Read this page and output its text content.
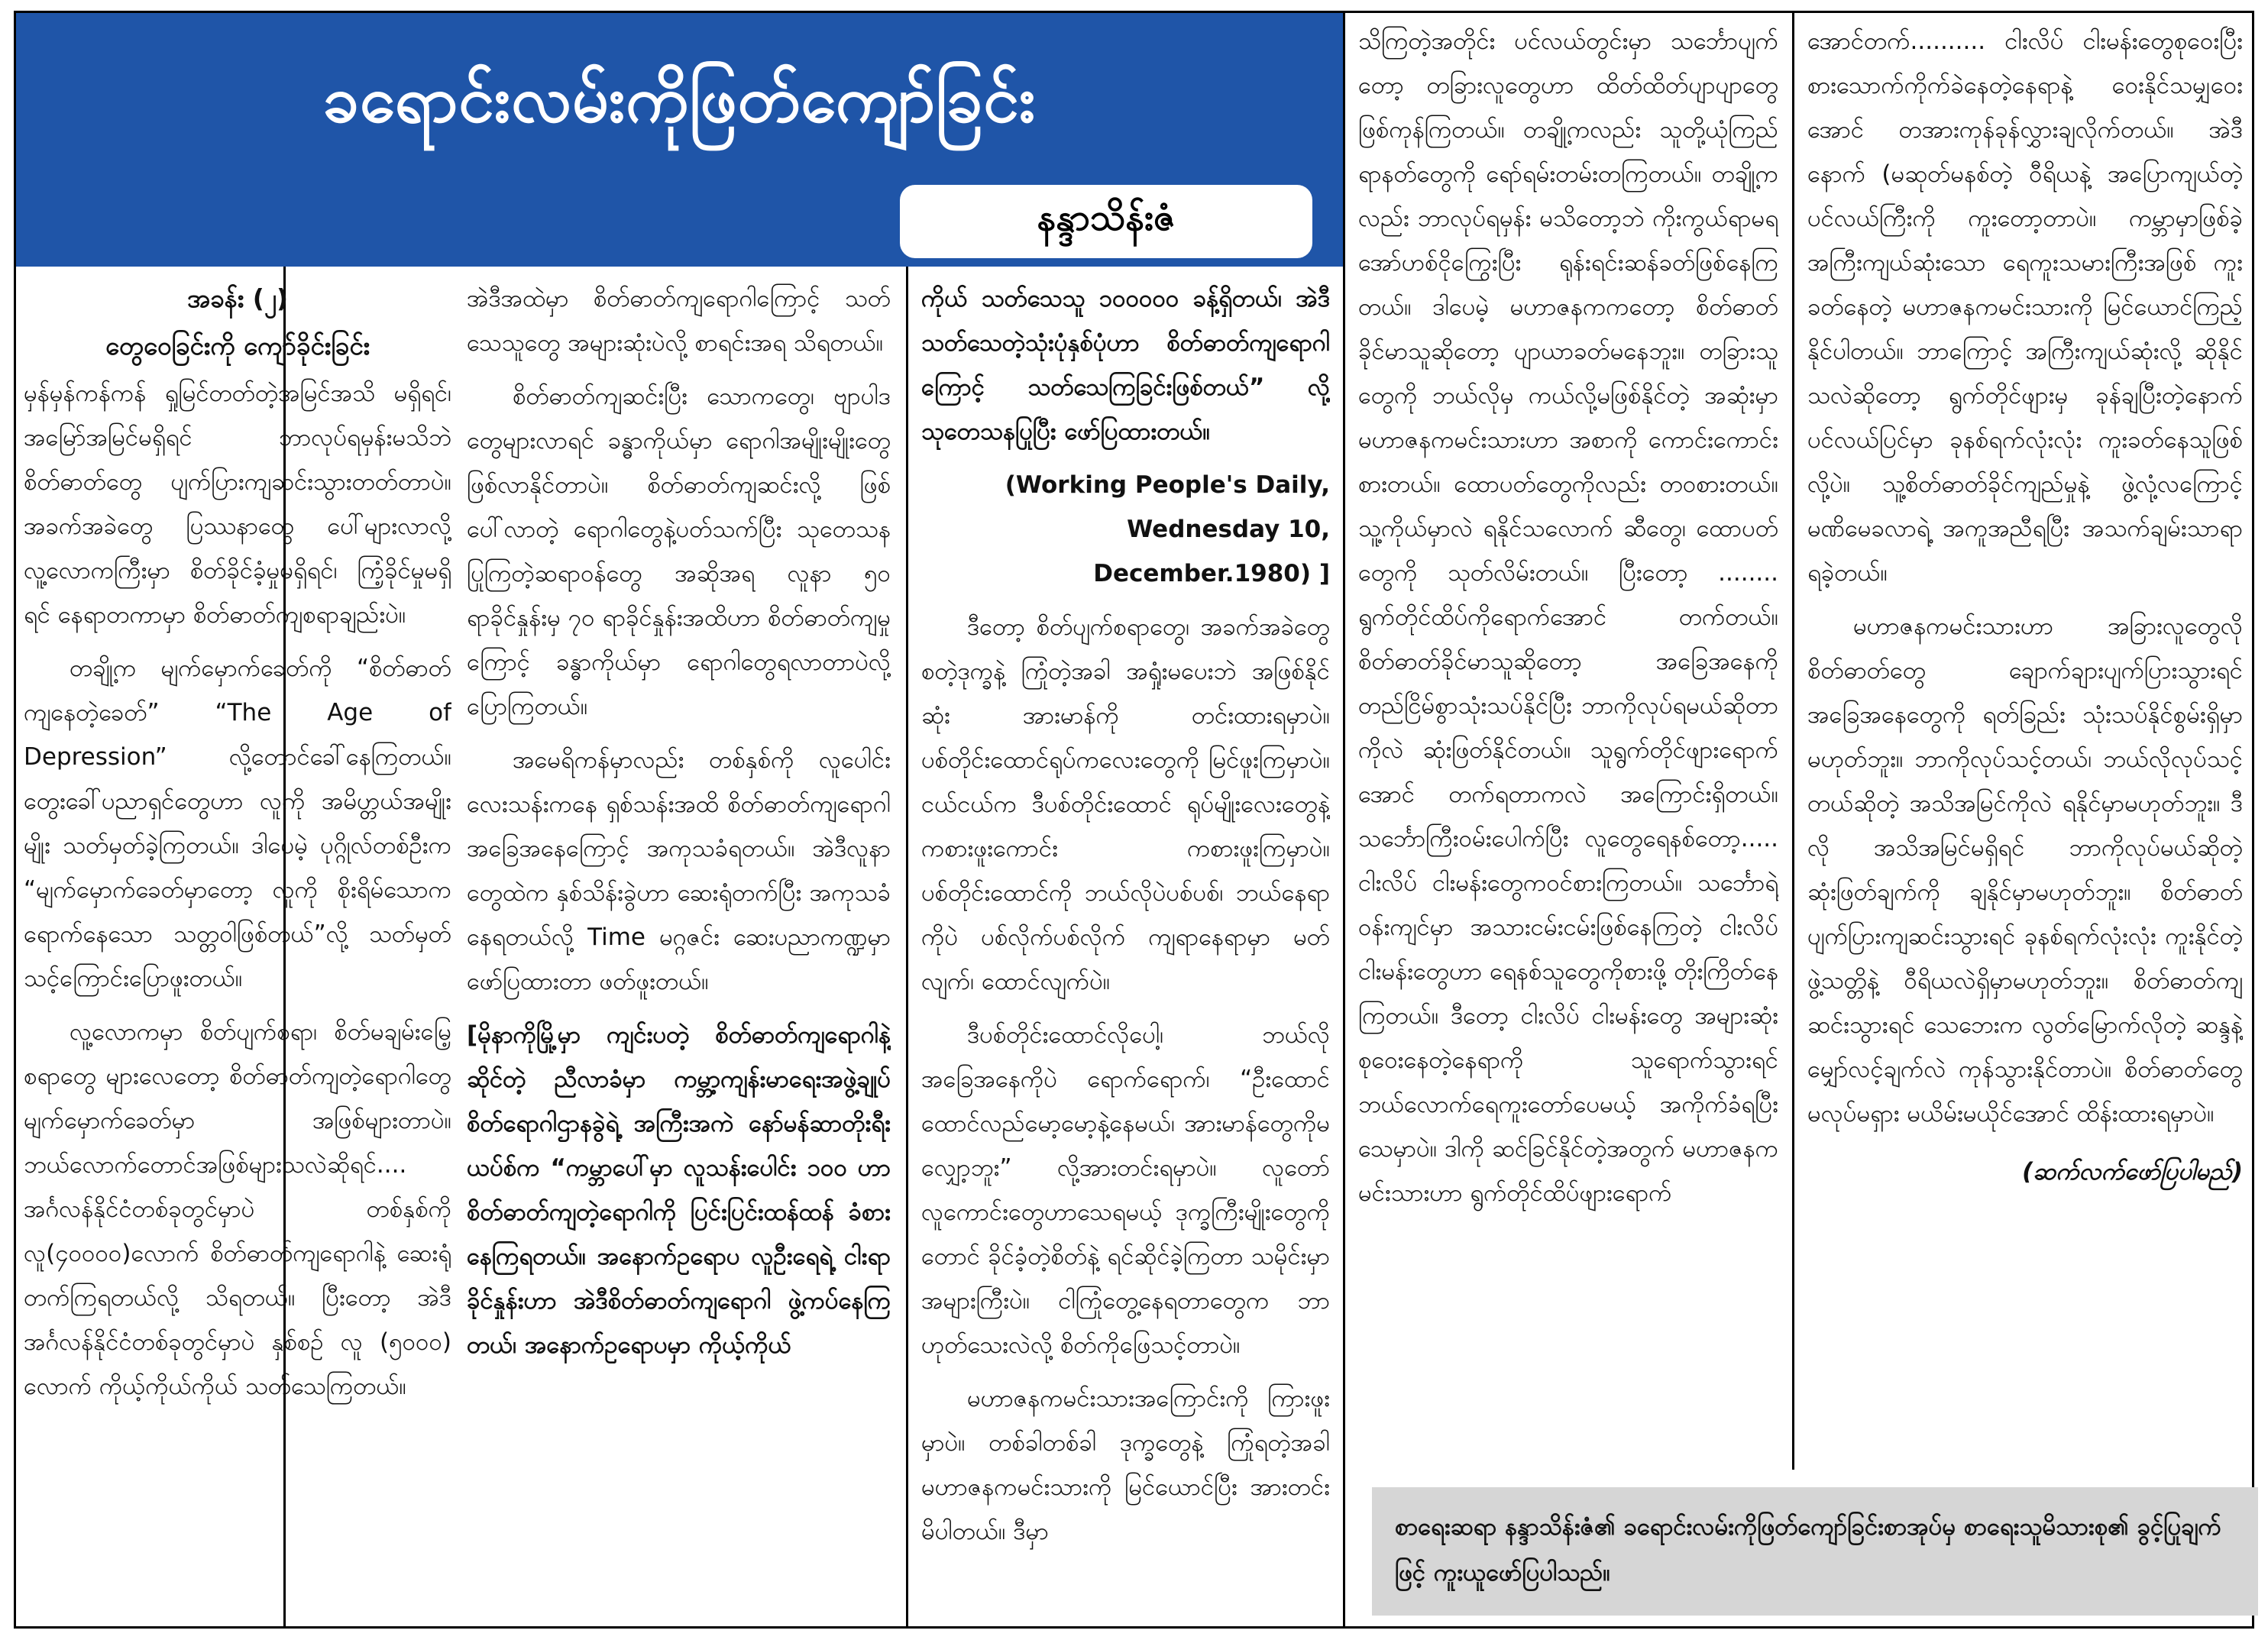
ခရောင်းလမ်းကိုဖြတ်ကျော်ခြင်း
နန္ဒာသိန်းဇံ
အခန်း (၂)
တွေဝေခြင်းကို ကျော်ခိုင်းခြင်း

မှန်မှန်ကန်ကန် ရှုမြင်တတ်တဲ့အမြင်အသိ မရှိရင်၊ အမြော်အမြင်မရှိရင် ဘာလုပ်ရမှန်းမသိဘဲ စိတ်ဓာတ်တွေ ပျက်ပြားကျဆင်းသွားတတ်တာပဲ။ အခက်အခဲတွေ ပြဿနာတွေ ပေါ်များလာလို့ လူ့လောကကြီးမှာ စိတ်ခိုင်ခံ့မှုမရှိရင်၊ ကြံ့ခိုင်မှုမရှိရင် နေရာတကာမှာ စိတ်ဓာတ်ကျစရာချည်းပဲ။

တချို့က မျက်မှောက်ခေတ်ကို “စိတ်ဓာတ်ကျနေတဲ့ခေတ်” “The Age of Depression” လို့တောင်ခေါ်နေကြတယ်။ တွေးခေါ်ပညာရှင်တွေဟာ လူကို အမိဟ္တယ်အမျိုးမျိုး သတ်မှတ်ခဲ့ကြတယ်။ ဒါပေမဲ့ ပုဂ္ဂိုလ်တစ်ဦးက “မျက်မှောက်ခေတ်မှာတော့ လူကို စိုးရိမ်သောကရောက်နေသော သတ္တဝါဖြစ်တယ်”လို့ သတ်မှတ်သင့်ကြောင်းပြောဖူးတယ်။

လူ့လောကမှာ စိတ်ပျက်စရာ၊ စိတ်မချမ်းမြေ့စရာတွေ များလေတော့ စိတ်ဓာတ်ကျတဲ့ရောဂါတွေ မျက်မှောက်ခေတ်မှာ အဖြစ်များတာပဲ။ ဘယ်လောက်တောင်အဖြစ်များသလဲဆိုရင်.... အင်္ဂလန်နိုင်ငံတစ်ခုတွင်မှာပဲ တစ်နှစ်ကို လူ(၄၀၀၀၀)လောက် စိတ်ဓာတ်ကျရောဂါနဲ့ ဆေးရုံတက်ကြရတယ်လို့ သိရတယ်။ ပြီးတော့ အဲဒီအင်္ဂလန်နိုင်ငံတစ်ခုတွင်မှာပဲ နှစ်စဉ် လူ (၅၀၀၀) လောက် ကိုယ့်ကိုယ်ကိုယ် သတ်သေကြတယ်။

အဲဒီအထဲမှာ စိတ်ဓာတ်ကျရောဂါကြောင့် သတ်သေသူတွေ အများဆုံးပဲလို့ စာရင်းအရ သိရတယ်။

စိတ်ဓာတ်ကျဆင်းပြီး သောကတွေ၊ ဗျာပါဒတွေများလာရင် ခန္ဓာကိုယ်မှာ ရောဂါအမျိုးမျိုးတွေ ဖြစ်လာနိုင်တာပဲ။ စိတ်ဓာတ်ကျဆင်းလို့ ဖြစ်ပေါ်လာတဲ့ ရောဂါတွေနဲ့ပတ်သက်ပြီး သုတေသနပြုကြတဲ့ဆရာဝန်တွေ အဆိုအရ လူနာ ၅၀ ရာခိုင်နှုန်းမှ ၇၀ ရာခိုင်နှုန်းအထိဟာ စိတ်ဓာတ်ကျမှုကြောင့် ခန္ဓာကိုယ်မှာ ရောဂါတွေရလာတာပဲလို့ ပြောကြတယ်။

အမေရိကန်မှာလည်း တစ်နှစ်ကို လူပေါင်းလေးသန်းကနေ ရှစ်သန်းအထိ စိတ်ဓာတ်ကျရောဂါ အခြေအနေကြောင့် အကုသခံရတယ်။ အဲဒီလူနာတွေထဲက နှစ်သိန်းခွဲဟာ ဆေးရုံတက်ပြီး အကုသခံနေရတယ်လို့ Time မဂ္ဂဇင်း ဆေးပညာကဏ္ဍမှာ ဖော်ပြထားတာ ဖတ်ဖူးတယ်။

[မိုနာကိုမြို့မှာ ကျင်းပတဲ့ စိတ်ဓာတ်ကျရောဂါနဲ့ဆိုင်တဲ့ ညီလာခံမှာ ကမ္ဘာ့ကျန်းမာရေးအဖွဲ့ချုပ် စိတ်ရောဂါဌာနခွဲရဲ့ အကြီးအကဲ နော်မန်ဆာတိုးရီးယပ်စ်က “ကမ္ဘာပေါ်မှာ လူသန်းပေါင်း ၁၀၀ ဟာ စိတ်ဓာတ်ကျတဲ့ရောဂါကို ပြင်းပြင်းထန်ထန် ခံစားနေကြရတယ်။ အနောက်ဥရောပ လူဦးရေရဲ့ ငါးရာခိုင်နှုန်းဟာ အဲဒီစိတ်ဓာတ်ကျရောဂါ ဖွဲ့ကပ်နေကြတယ်၊ အနောက်ဥရောပမှာ ကိုယ့်ကိုယ်

ကိုယ် သတ်သေသူ ၁၀၀၀၀၀ ခန့်ရှိတယ်၊ အဲဒီသတ်သေတဲ့သုံးပုံနှစ်ပုံဟာ စိတ်ဓာတ်ကျရောဂါကြောင့် သတ်သေကြခြင်းဖြစ်တယ်” လို့ သုတေသနပြုပြီး ဖော်ပြထားတယ်။

(Working People's Daily, Wednesday 10, December.1980) ]

ဒီတော့ စိတ်ပျက်စရာတွေ၊ အခက်အခဲတွေ စတဲ့ဒုက္ခနဲ့ ကြုံတဲ့အခါ အရှုံးမပေးဘဲ အဖြစ်နိုင်ဆုံး အားမာန်ကို တင်းထားရမှာပဲ။ ပစ်တိုင်းထောင်ရုပ်ကလေးတွေကို မြင်ဖူးကြမှာပဲ။ ငယ်ငယ်က ဒီပစ်တိုင်းထောင် ရုပ်မျိုးလေးတွေနဲ့ ကစားဖူးကောင်း ကစားဖူးကြမှာပဲ။ ပစ်တိုင်းထောင်ကို ဘယ်လိုပဲပစ်ပစ်၊ ဘယ်နေရာကိုပဲ ပစ်လိုက်ပစ်လိုက် ကျရာနေရာမှာ မတ်လျက်၊ ထောင်လျက်ပဲ။

ဒီပစ်တိုင်းထောင်လိုပေါ့၊ ဘယ်လိုအခြေအနေကိုပဲ ရောက်ရောက်၊ “ဦးထောင်ထောင်လည်မော့မော့နဲ့နေမယ်၊ အားမာန်တွေကိုမလျှော့ဘူး” လို့အားတင်းရမှာပဲ။ လူတော်လူကောင်းတွေဟာသေရမယ့် ဒုက္ခကြီးမျိုးတွေကိုတောင် ခိုင်ခံ့တဲ့စိတ်နဲ့ ရင်ဆိုင်ခဲ့ကြတာ သမိုင်းမှာ အများကြီးပဲ။ ငါကြုံတွေ့နေရတာတွေက ဘာဟုတ်သေးလဲလို့ စိတ်ကိုဖြေသင့်တာပဲ။

မဟာဇနကမင်းသားအကြောင်းကို ကြားဖူးမှာပဲ။ တစ်ခါတစ်ခါ ဒုက္ခတွေနဲ့ ကြုံရတဲ့အခါ မဟာဇနကမင်းသားကို မြင်ယောင်ပြီး အားတင်းမိပါတယ်။ ဒီမှာ

သိကြတဲ့အတိုင်း ပင်လယ်တွင်းမှာ သင်္ဘောပျက်တော့ တခြားလူတွေဟာ ထိတ်ထိတ်ပျာပျာတွေဖြစ်ကုန်ကြတယ်။ တချို့ကလည်း သူတို့ယုံကြည်ရာနတ်တွေကို ရော်ရမ်းတမ်းတကြတယ်။ တချို့ကလည်း ဘာလုပ်ရမှန်း မသိတော့ဘဲ ကိုးကွယ်ရာမရ အော်ဟစ်ငိုကြွေးပြီး ရုန်းရင်းဆန်ခတ်ဖြစ်နေကြတယ်။ ဒါပေမဲ့ မဟာဇနကကတော့ စိတ်ဓာတ်ခိုင်မာသူဆိုတော့ ပျာယာခတ်မနေဘူး။ တခြားသူတွေကို ဘယ်လိုမှ ကယ်လို့မဖြစ်နိုင်တဲ့ အဆုံးမှာ မဟာဇနကမင်းသားဟာ အစာကို ကောင်းကောင်းစားတယ်။ ထောပတ်တွေကိုလည်း တဝစားတယ်။ သူ့ကိုယ်မှာလဲ ရနိုင်သလောက် ဆီတွေ၊ ထောပတ်တွေကို သုတ်လိမ်းတယ်။ ပြီးတော့ ........ ရွက်တိုင်ထိပ်ကိုရောက်အောင် တက်တယ်။ စိတ်ဓာတ်ခိုင်မာသူဆိုတော့ အခြေအနေကို တည်ငြိမ်စွာသုံးသပ်နိုင်ပြီး ဘာကိုလုပ်ရမယ်ဆိုတာကိုလဲ ဆုံးဖြတ်နိုင်တယ်။ သူရွက်တိုင်ဖျားရောက်အောင် တက်ရတာကလဲ အကြောင်းရှိတယ်။ သင်္ဘောကြီးဝမ်းပေါက်ပြီး လူတွေရေနစ်တော့..... ငါးလိပ် ငါးမန်းတွေကဝင်စားကြတယ်။ သင်္ဘောရဲ့ဝန်းကျင်မှာ အသားငမ်းငမ်းဖြစ်နေကြတဲ့ ငါးလိပ် ငါးမန်းတွေဟာ ရေနစ်သူတွေကိုစားဖို့ တိုးကြိတ်နေကြတယ်။ ဒီတော့ ငါးလိပ် ငါးမန်းတွေ အများဆုံးစုဝေးနေတဲ့နေရာကို သူရောက်သွားရင် ဘယ်လောက်ရေကူးတော်ပေမယ့် အကိုက်ခံရပြီးသေမှာပဲ။ ဒါကို ဆင်ခြင်နိုင်တဲ့အတွက် မဟာဇနကမင်းသားဟာ ရွက်တိုင်ထိပ်ဖျားရောက်

အောင်တက်.......... ငါးလိပ် ငါးမန်းတွေစုဝေးပြီး စားသောက်ကိုက်ခဲနေတဲ့နေရာနဲ့ ဝေးနိုင်သမျှဝေးအောင် တအားကုန်ခုန်လွှားချလိုက်တယ်။ အဲဒီနောက် (မဆုတ်မနစ်တဲ့ ဝီရိယနဲ့ အပြောကျယ်တဲ့ ပင်လယ်ကြီးကို ကူးတော့တာပဲ။ ကမ္ဘာမှာဖြစ်ခဲ့ အကြီးကျယ်ဆုံးသော ရေကူးသမားကြီးအဖြစ် ကူးခတ်နေတဲ့ မဟာဇနကမင်းသားကို မြင်ယောင်ကြည့်နိုင်ပါတယ်။ ဘာကြောင့် အကြီးကျယ်ဆုံးလို့ ဆိုနိုင်သလဲဆိုတော့ ရွက်တိုင်ဖျားမှ ခုန်ချပြီးတဲ့နောက် ပင်လယ်ပြင်မှာ ခုနစ်ရက်လုံးလုံး ကူးခတ်နေသူဖြစ်လို့ပဲ။ သူ့စိတ်ဓာတ်ခိုင်ကျည်မှုနဲ့ ဖွဲ့လုံ့လကြောင့် မဏိမေခလာရဲ့ အကူအညီရပြီး အသက်ချမ်းသာရာ ရခဲ့တယ်။

မဟာဇနကမင်းသားဟာ အခြားလူတွေလို စိတ်ဓာတ်တွေ ချောက်ချားပျက်ပြားသွားရင် အခြေအနေတွေကို ရတ်ခြည်း သုံးသပ်နိုင်စွမ်းရှိမှာ မဟုတ်ဘူး။ ဘာကိုလုပ်သင့်တယ်၊ ဘယ်လိုလုပ်သင့်တယ်ဆိုတဲ့ အသိအမြင်ကိုလဲ ရနိုင်မှာမဟုတ်ဘူး။ ဒီလို အသိအမြင်မရှိရင် ဘာကိုလုပ်မယ်ဆိုတဲ့ ဆုံးဖြတ်ချက်ကို ချနိုင်မှာမဟုတ်ဘူး။ စိတ်ဓာတ်ပျက်ပြားကျဆင်းသွားရင် ခုနစ်ရက်လုံးလုံး ကူးနိုင်တဲ့ ဖွဲ့သတ္တိနဲ့ ဝီရိယလဲရှိမှာမဟုတ်ဘူး။ စိတ်ဓာတ်ကျဆင်းသွားရင် သေဘေးက လွတ်မြောက်လိုတဲ့ ဆန္ဒနဲ့ မျှော်လင့်ချက်လဲ ကုန်သွားနိုင်တာပဲ။ စိတ်ဓာတ်တွေ မလုပ်မရှား မယိမ်းမယိုင်အောင် ထိန်းထားရမှာပဲ။

(ဆက်လက်ဖော်ပြပါမည်)
စာရေးဆရာ နန္ဒာသိန်းဇံ၏ ခရောင်းလမ်းကိုဖြတ်ကျော်ခြင်းစာအုပ်မှ စာရေးသူမိသားစု၏ ခွင့်ပြုချက်ဖြင့် ကူးယူဖော်ပြပါသည်။
